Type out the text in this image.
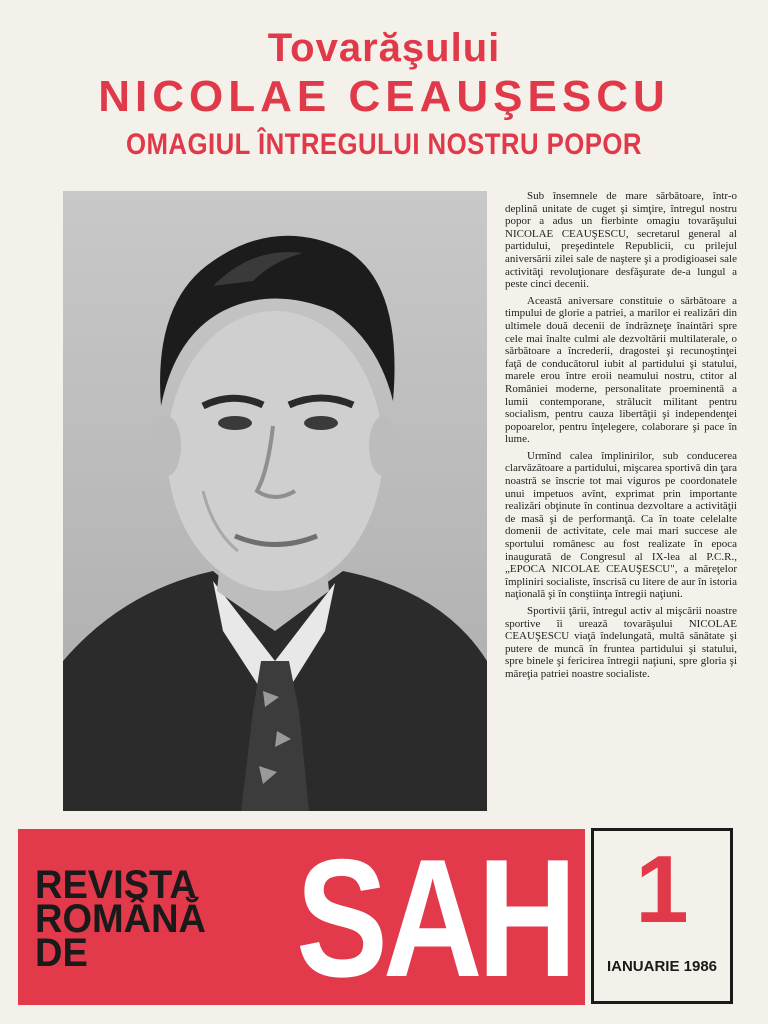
Tovarăşului
NICOLAE CEAUŞESCU
OMAGIUL ÎNTREGULUI NOSTRU POPOR

Sub însemnele de mare sărbătoare, într-o deplină unitate de cuget şi simţire, întregul nostru popor a adus un fierbinte omagiu tovarăşului NICOLAE CEAUŞESCU, secretarul general al partidului, preşedintele Republicii, cu prilejul aniversării zilei sale de naştere şi a prodigioasei sale activităţi revoluţionare desfăşurate de-a lungul a peste cinci decenii.

Această aniversare constituie o sărbătoare a timpului de glorie a patriei, a marilor ei realizări din ultimele două decenii de îndrăzneţe înaintări spre cele mai înalte culmi ale dezvoltării multilaterale, o sărbătoare a încrederii, dragostei şi recunoştinţei faţă de conducătorul iubit al partidului şi statului, marele erou între eroii neamului nostru, ctitor al României moderne, personalitate proeminentă a lumii contemporane, strălucit militant pentru socialism, pentru cauza libertăţii şi independenţei popoarelor, pentru înţelegere, colaborare şi pace în lume.

Urmînd calea împlinirilor, sub conducerea clarvăzătoare a partidului, mişcarea sportivă din ţara noastră se înscrie tot mai viguros pe coordonatele unui impetuos avînt, exprimat prin importante realizări obţinute în continua dezvoltare a activităţii de masă şi de performanţă. Ca în toate celelalte domenii de activitate, cele mai mari succese ale sportului românesc au fost realizate în epoca inaugurată de Congresul al IX-lea al P.C.R., „EPOCA NICOLAE CEAUŞESCU", a măreţelor împliniri socialiste, înscrisă cu litere de aur în istoria naţională şi în conştiinţa întregii naţiuni.

Sportivii ţării, întregul activ al mişcării noastre sportive îi urează tovarăşului NICOLAE CEAUŞESCU viaţă îndelungată, multă sănătate şi putere de muncă în fruntea partidului şi statului, spre binele şi fericirea întregii naţiuni, spre gloria şi măreţia patriei noastre socialiste.

REVISTA
ROMÂNĂ
DE	SAH 1
IANUARIE 1986
